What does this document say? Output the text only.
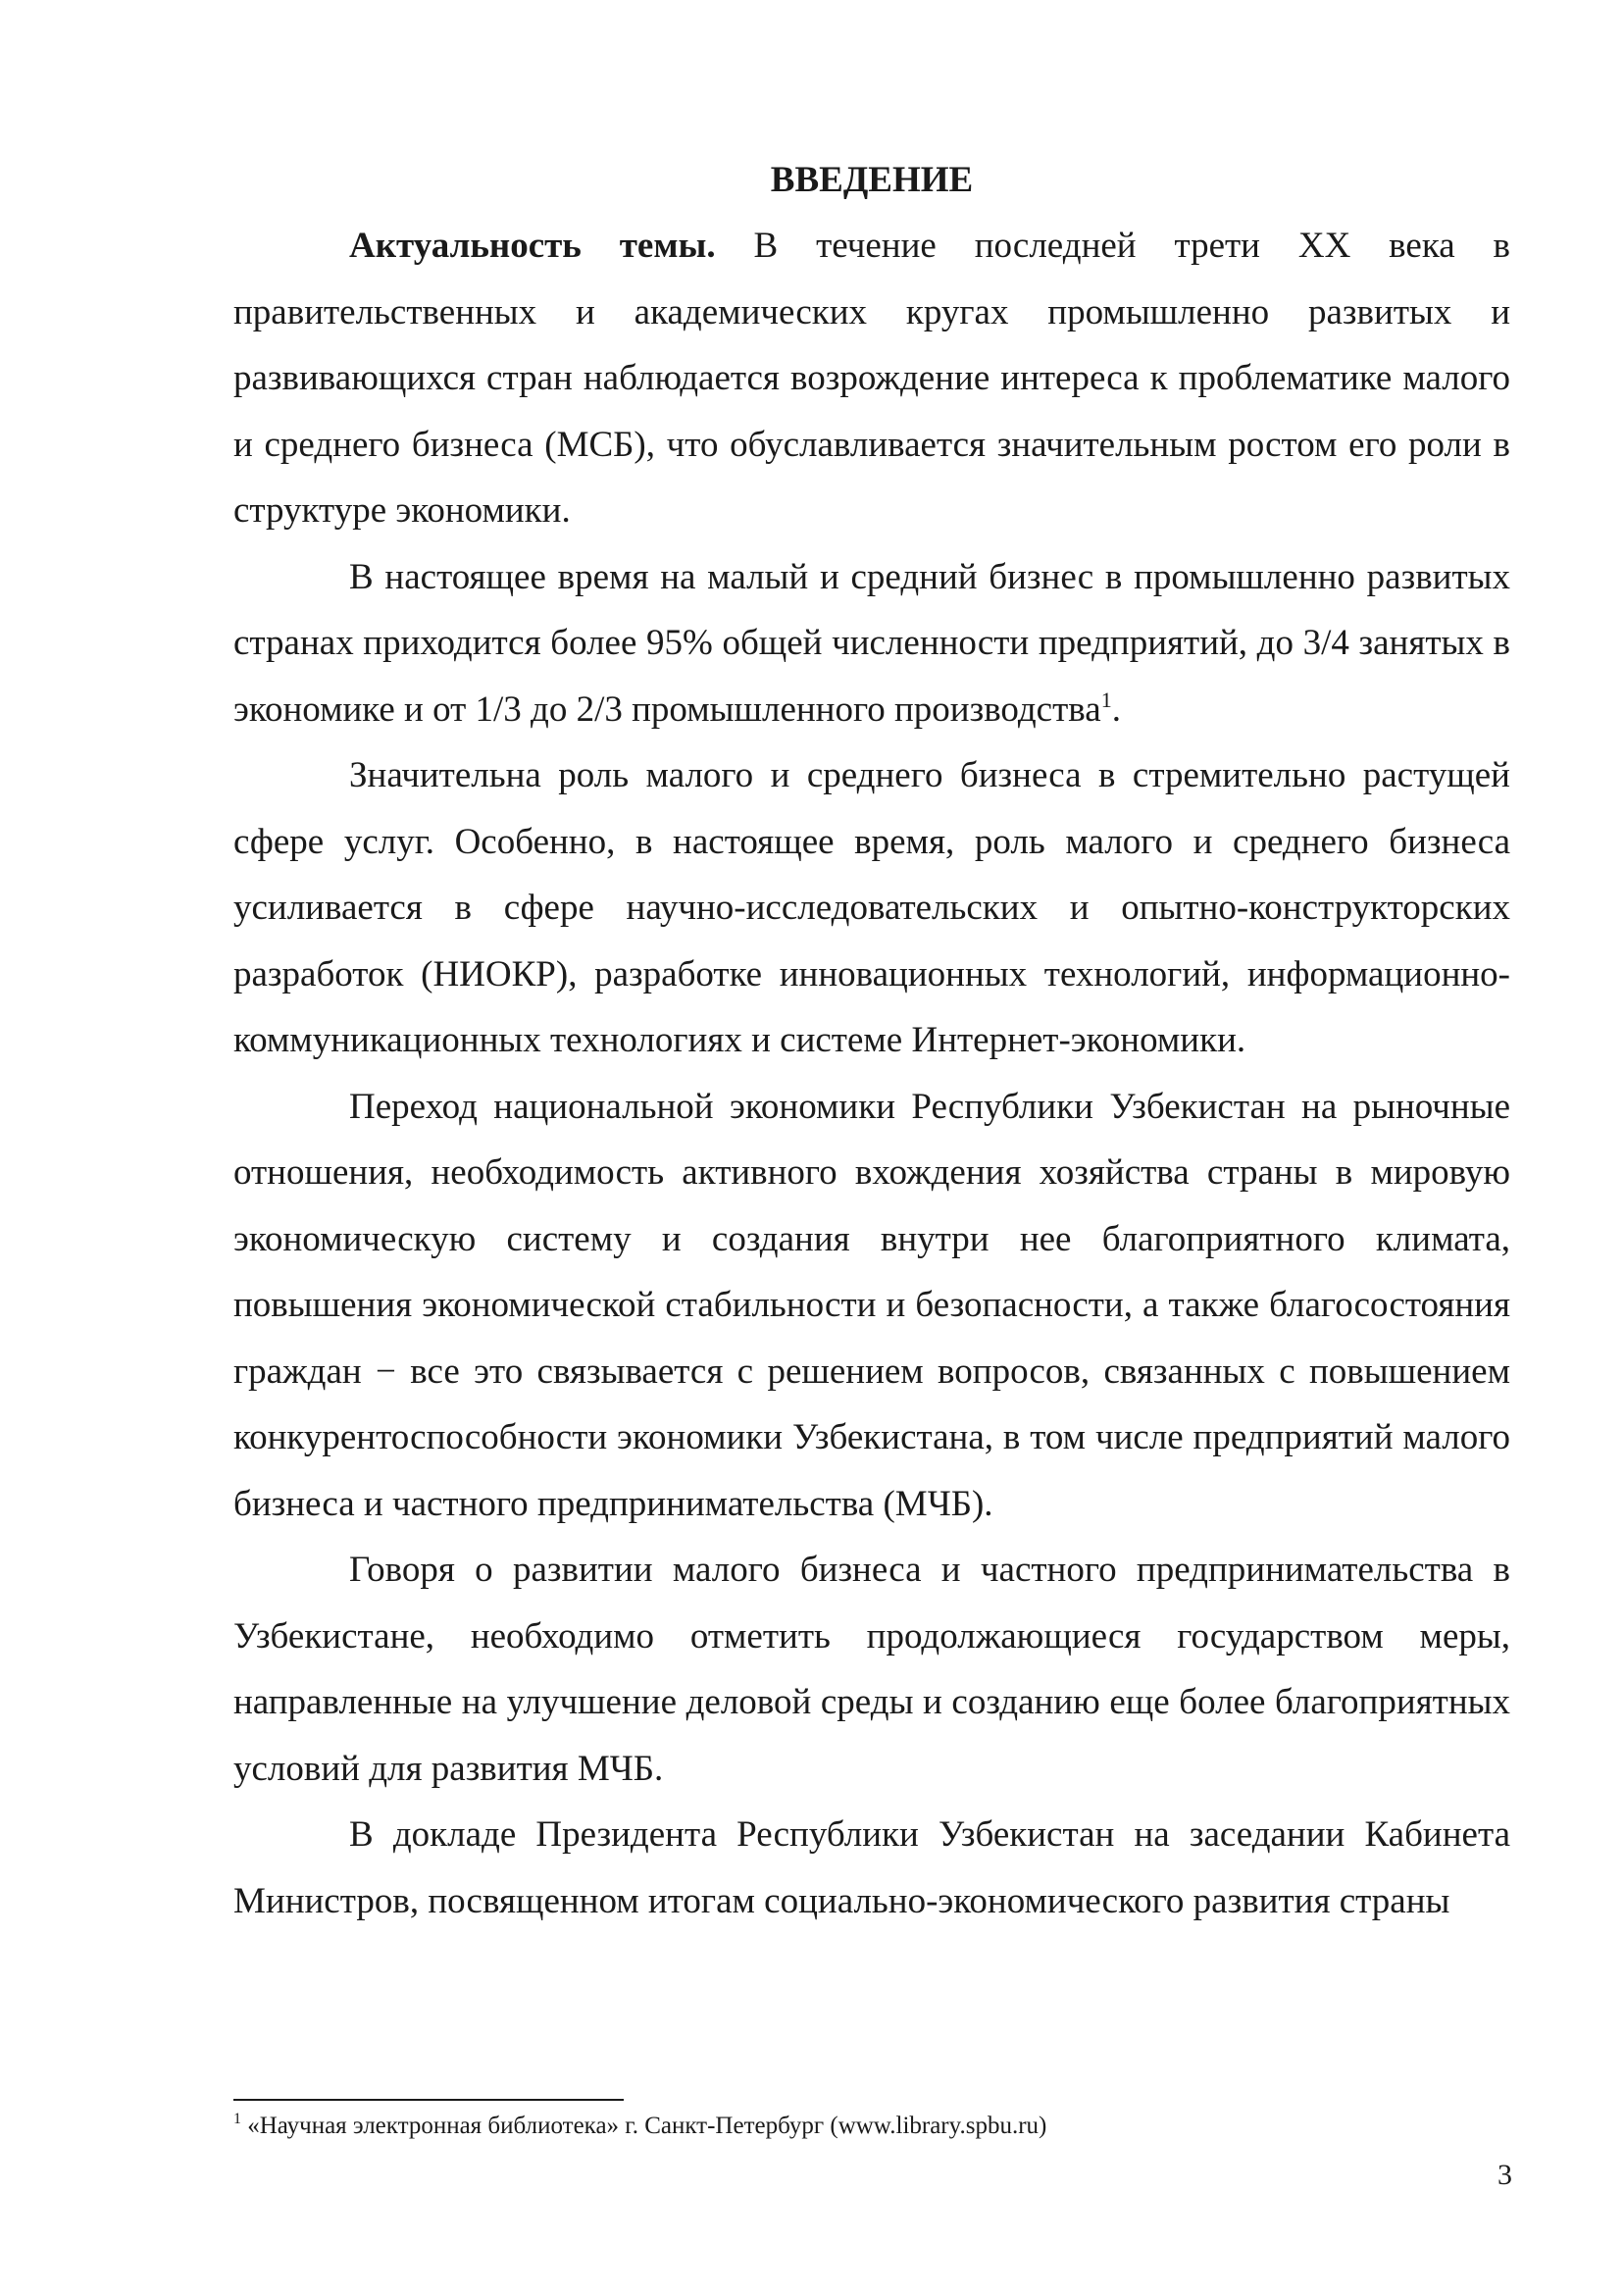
ВВЕДЕНИЕ

Актуальность темы. В течение последней трети XX века в правительственных и академических кругах промышленно развитых и развивающихся стран наблюдается возрождение интереса к проблематике малого и среднего бизнеса (МСБ), что обуславливается значительным ростом его роли в структуре экономики.

В настоящее время на малый и средний бизнес в промышленно развитых странах приходится более 95% общей численности предприятий, до 3/4 занятых в экономике и от 1/3 до 2/3 промышленного производства$^1$.

Значительна роль малого и среднего бизнеса в стремительно растущей сфере услуг. Особенно, в настоящее время, роль малого и среднего бизнеса усиливается в сфере научно-исследовательских и опытно-конструкторских разработок (НИОКР), разработке инновационных технологий, информационно-коммуникационных технологиях и системе Интернет-экономики.

Переход национальной экономики Республики Узбекистан на рыночные отношения, необходимость активного вхождения хозяйства страны в мировую экономическую систему и создания внутри нее благоприятного климата, повышения экономической стабильности и безопасности, а также благосостояния граждан − все это связывается с решением вопросов, связанных с повышением конкурентоспособности экономики Узбекистана, в том числе предприятий малого бизнеса и частного предпринимательства (МЧБ).

Говоря о развитии малого бизнеса и частного предпринимательства в Узбекистане, необходимо отметить продолжающиеся государством меры, направленные на улучшение деловой среды и созданию еще более благоприятных условий для развития МЧБ.

В докладе Президента Республики Узбекистан на заседании Кабинета Министров, посвященном итогам социально-экономического развития страны

$^1$ «Научная электронная библиотека» г. Санкт-Петербург (www.library.spbu.ru)

3
